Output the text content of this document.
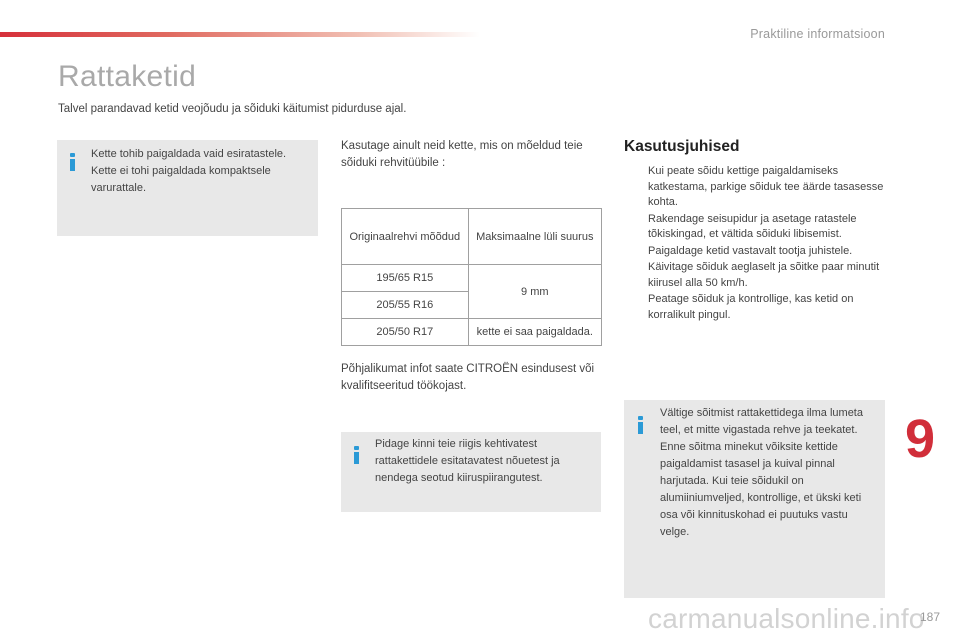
Praktiline informatsioon
Rattaketid

Talvel parandavad ketid veojõudu ja sõiduki käitumist pidurduse ajal.

Kette tohib paigaldada vaid esiratastele.

Kette ei tohi paigaldada kompaktsele

varurattale.

Kasutage ainult neid kette, mis on mõeldud teie sõiduki rehvitüübile :

Originaalrehvi mõõdud	Maksimaalne lüli suurus
195/65 R15	9 mm
205/55 R16	
205/50 R17	kette ei saa paigaldada.

Põhjalikumat infot saate CITROËN esindusest või kvalifitseeritud töökojast.

Pidage kinni teie riigis kehtivatest rattakettidele esitatavatest nõuetest ja nendega seotud kiiruspiirangutest.

Kasutusjuhised
Kui peate sõidu kettige paigaldamiseks katkestama, parkige sõiduk tee äärde tasasesse kohta.
Rakendage seisupidur ja asetage ratastele tõkiskingad, et vältida sõiduki libisemist.
Paigaldage ketid vastavalt tootja juhistele.
Käivitage sõiduk aeglaselt ja sõitke paar minutit kiirusel alla 50 km/h.
Peatage sõiduk ja kontrollige, kas ketid on korralikult pingul.

Vältige sõitmist rattakettidega ilma lumeta teel, et mitte vigastada rehve ja teekatet. Enne sõitma minekut võiksite kettide paigaldamist tasasel ja kuival pinnal harjutada. Kui teie sõidukil on alumiiniumveljed, kontrollige, et ükski keti osa või kinnituskohad ei puutuks vastu velge.

9
carmanualsonline.info
187
